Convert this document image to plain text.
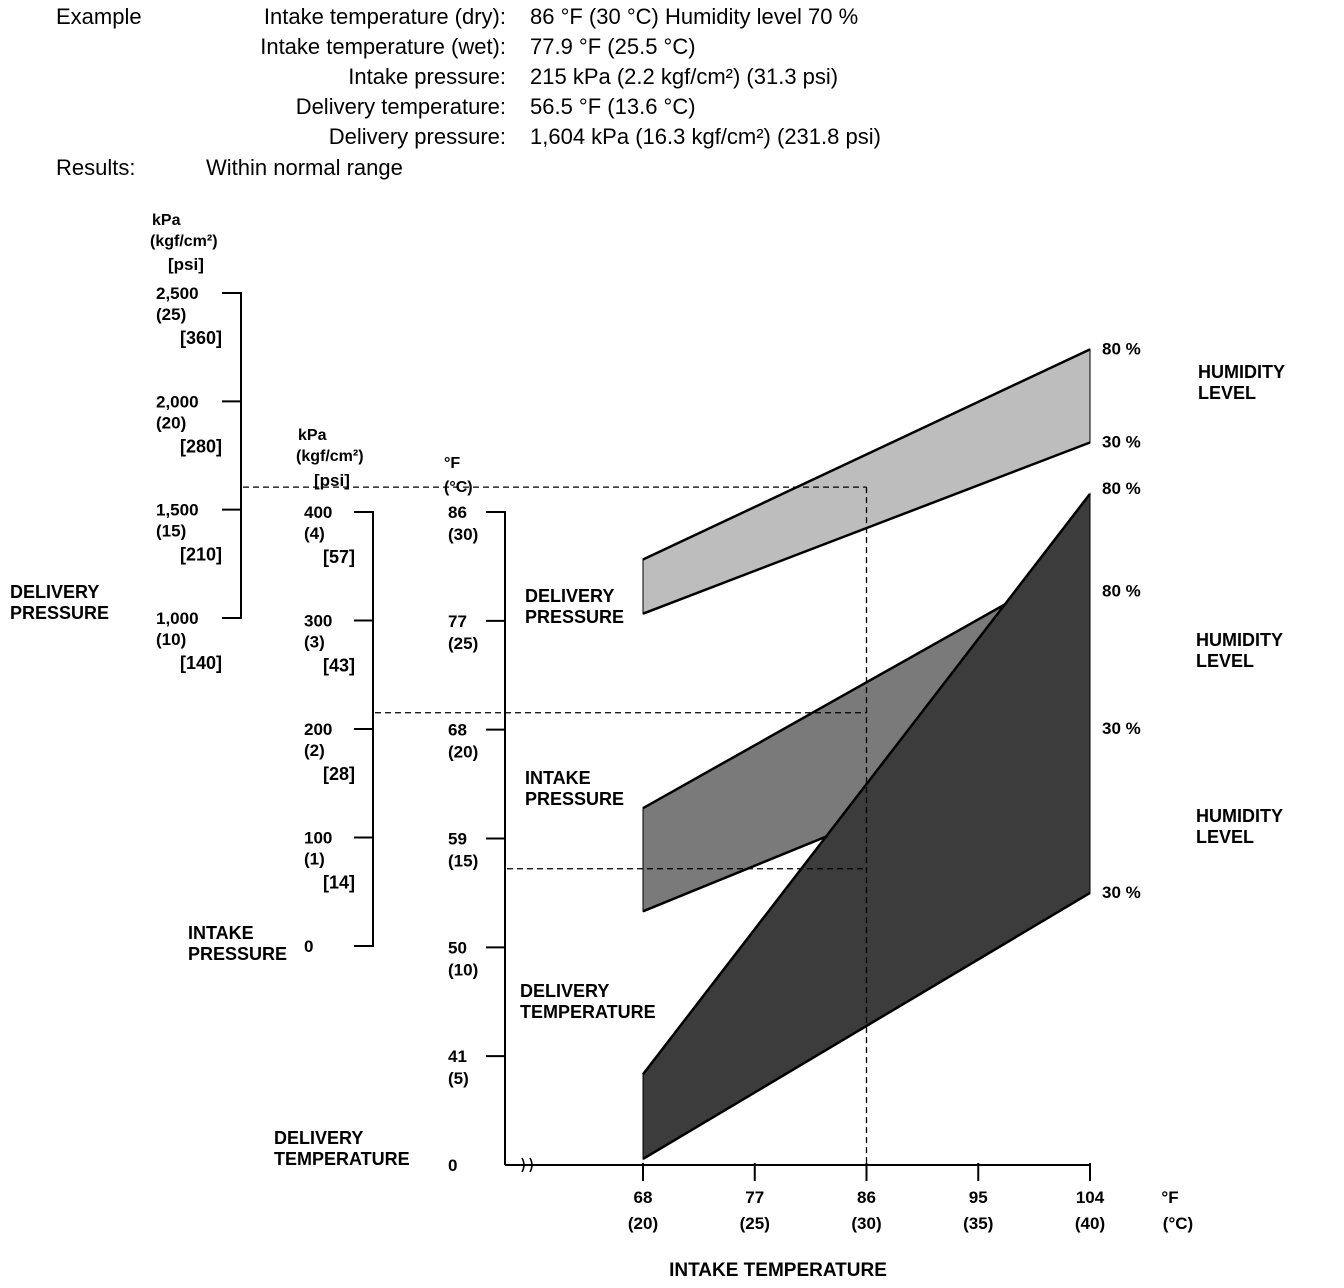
Example	Intake temperature (dry): 86 °F (30 °C) Humidity level 70 %
Intake temperature (wet): 77.9 °F (25.5 °C)
Intake pressure: 215 kPa (2.2 kgf/cm²) (31.3 psi)
Delivery temperature: 56.5 °F (13.6 °C)
Delivery pressure: 1,604 kPa (16.3 kgf/cm²) (231.8 psi)
Results:	Within normal range
kPa
(kgf/cm²)
[psi]
2,500
(25)
[360]
2,000
(20)
[280]
1,500
(15)
[210]
1,000
(10)
[140]
DELIVERY
PRESSURE
kPa
(kgf/cm²)
[psi]
400
(4)
[57]
300
(3)
[43]
200
(2)
[28]
100
(1)
[14]
0
INTAKE
PRESSURE
°F
(°C)
86
(30)
77
(25)
68
(20)
59
(15)
50
(10)
41
(5)
0
DELIVERY
TEMPERATURE
68
(20)
77
(25)
86
(30)
95
(35)
104
(40)
°F
(°C)
INTAKE TEMPERATURE
DELIVERY
PRESSURE
80 %
30 %
HUMIDITY
LEVEL
INTAKE
PRESSURE
80 %
30 %
HUMIDITY
LEVEL
DELIVERY
TEMPERATURE
80 %
30 %
HUMIDITY
LEVEL
